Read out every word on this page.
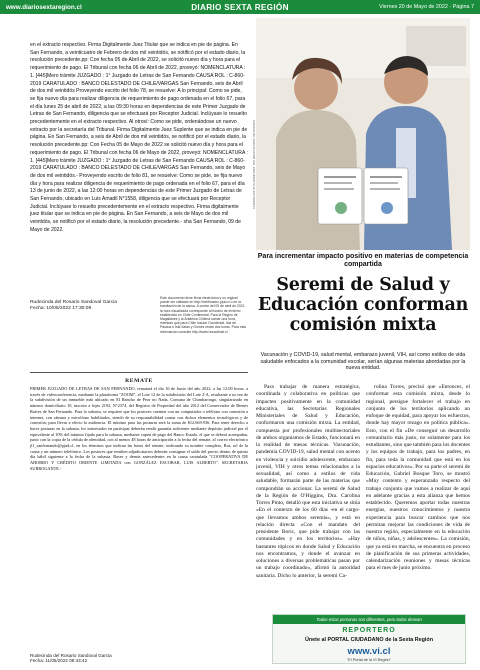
www.diariosextaregion.cl	DIARIO SEXTA REGIÓN	Viernes 20 de Mayo de 2022 - Página 7

en el extracto respectivo. Firma Digitalmente Juez Titular que se indica en pie de página. En San Fernando, a veinticuatro de Febrero de dos mil veintidós, se notificó por el estado diario, la resolución precedente.pp: Con fecha 05 de Abril de 2022, se solicitó nuevo día y hora para el requerimiento de pago. El Tribunal con fecha 06 de Abril de 2022, proveyó: NOMENCLATURA : 1. [445]Mero trámite JUZGADO : 1° Juzgado de Letras de San Fernando CAUSA ROL : C-860-2019 CARATULADO : BANCO DELESTADO DE CHILE/VARGAS San Fernando, seis de Abril de dos mil veintidós Proveyendo escrito del folio 78, se resuelve: A lo principal: Como se pide, se fija nuevo día para realizar diligencia de requerimiento de pago ordenada en el folio 67, para el día lunes 25 de abril de 2022, a las 09:30 horas en dependencias de este Primer Juzgado de Letras de San Fernando, diligencia que se efectuará por Receptor Judicial. Inclúyase lo resuelto precedentemente en el extracto respectivo. Al otrosí: Como se pide, ordenándose un nuevo extracto por la secretaría del Tribunal. Firma Digitalmente Juez Suplente que se indica en pie de página. En San Fernando, a seis de Abril de dos mil veintidós, se notificó por el estado diario, la resolución precedente.pp: Con Fecha 05 de Mayo de 2022 se solicitó nuevo día y hora para el requerimiento de pago. El Tribunal con fecha 06 de Mayo de 2022, proveyó: NOMENCLATURA : 1. [445]Mero trámite JUZGADO : 1° Juzgado de Letras de San Fernando CAUSA ROL : C-860-2019 CARATULADO : BANCO DELESTADO DE CHILE/VARGAS San Fernando, seis de Mayo de dos mil veintidós.- Proveyendo escrito de folio 81, se resuelve: Como se pide, se fija nuevo día y hora para realizar diligencia de requerimiento de pago ordenada en el folio 67, para el día 13 de junio de 2022, a las 12:00 horas en dependencias de este Primer Juzgado de Letras de San Fernando, ubicado en Luis Amadil N°1558, diligencia que se efectuará por Receptor Judicial. Inclúyase lo resuelto precedentemente en el extracto respectivo. Firma digitalmente juez titular que se indica en pie de página. En San Fernando, a seis de Mayo de dos mil veintidós, se notificó por el estado diario, la resolución precedente.- sha San Fernando, 09 de Mayo de 2022.

Rudecinda del Rosario Sandoval Garcia
Fecha: 10/05/2022 17:30:09
Este documento tiene firma electrónica y su original puede ser validado en http://verificadoc.pjud.cl o en la tramitación de la causa. A contar del 09 de abril de 2022, la hora visualizada corresponde al horario de invierno establecido en Chile Continental. Para la Región de Magallanes y la Antártica Chilena sumar una hora, mientras que para Chile Insular Occidental, Isla de Pascua e Isla Salas y Gómez restar dos horas. Para más información consulte http://www.horaoficial.cl
CODIGO DE VERIFICACION DEL DOCUMENTO ELECTRONICO
Para incrementar impacto positivo en materias de competencia compartida
Seremi de Salud y Educación conforman comisión mixta
Vacunación y COVID-19, salud mental, embarazo juvenil, VIH, así como estilos de vida saludable enfocados a la comunidad escolar, serían algunas materias abordadas por la nueva entidad.
REMATE

PRIMER JUZGADO DE LETRAS DE SAN FERNANDO, rematará el día 16 de Junio del año 2022, a las 12:00 horas, a través de videoconferencia, mediante la plataforma "ZOOM", el Lote 12 de la subdivisión del Lote 2-A, resultante a su vez de la subdivisión de un inmueble más ubicado en El Rancho de Peor no Nada, Comuna de Chimbarongo, singularizado en número domiciliario 10, inscrito a fojas 2192, N°2374, del Registro de Propiedad del año 2012 del Conservador de Bienes Raíces de San Fernando. Para la subasta, se requiere que los postores cuenten con un computador o teléfono con conexión a internet, con cámara y micrófono habilitados, siendo de su responsabilidad contar con dichos elementos tecnológicos y de conexión; para llevar a efecto la audiencia. El mínimo para las posturas será la suma de $12.669.936. Para tener derecho a hacer posturas en la subasta, los interesados en participar deberán rendir garantía suficiente mediante depósito judicial por el equivalente al 10% del mínimo fijado para la subasta, mediante cupón de pago del Banco Estado, el que se deberá acompañar, junto con la copia de la cédula de identidad, con al menos 48 horas de anticipación a la fecha del remate, al correo electrónico jl1_sanfernando@pjud.cl, en los términos que indican las bases del remate, indicando su nombre completo, Rut, rol de la causa y un número telefónico. Los postores que resulten adjudicatarios deberán consignar el saldo del precio dentro de quinto día hábil siguiente a la fecha de la subasta. Bases y demás antecedentes en la causa caratulada "COOPERATIVA DE AHORRO Y CRÉDITO ORIENTE LIMITADA con GONZÁLEZ ESCOBAR, LUIS ALBERTO". SECRETARIA SUBROGANTE.-

Rudecinda del Rosario Sandoval Garcia
Fecha: 11/05/2022 08:43:42

Para trabajar de manera estratégica, coordinada y colaborativa en políticas que impacten positivamente en la comunidad educativa, las Secretarías Regionales Ministeriales de Salud y Educación, conformaron una comisión mixta. La entidad, compuesta por profesionales multisectoriales de ambos organismos de Estado, funcionará en la realidad de mesas técnicas. Vacunación, pandemia COVID-19, salud mental con acento en violencia y suicidio adolescente, embarazo juvenil, VIH y otros temas relacionados a la sexualidad, así como a estilos de vida saludable, formarán parte de las materias que compondrán su accionar. La seremi de Salud de la Región de O'Higgins, Dra. Carolina Torres Pinto, detalló que esta iniciativa se sitúa «En el contexto de los 60 días -en el cargo- que llevamos ambos seremis», y está en relación directa «Con el mandato del presidente Boric, que pide trabajar con las comunidades y en los territorios». «Hay bastantes tópicos en donde Salud y Educación nos encontramos, y donde el avanzar en soluciones a diversas problemáticas pasan por un trabajo coordinado», afirmó la autoridad sanitaria. Dicho lo anterior, la seremi Ca-

rolina Torres, precisó que «Entonces, el conformar esta comisión mixta, desde lo regional, persigue fortalecer el trabajo en conjunto de los territorios aplicando un enfoque de equidad, para apoyar los esfuerzos, donde hay mayor rezago en política pública». Esto, con el fin «De conseguir un desarrollo comunitario más justo, no solamente para los estudiantes, sino que también para los docentes y los equipos de trabajo, para los padres, en fin, para toda la comunidad que está en los espacios educativos». Por su parte el seremi de Educación, Gabriel Bosque Toro, se mostró «Muy contento y esperanzado respecto del trabajo conjunto que vamos a realizar de aquí en adelante gracias a esta alianza que hemos establecido. Queremos aportar todas nuestras energías, nuestros conocimientos y nuestra experiencia para buscar caminos que nos permitan mejorar las condiciones de vida de nuestra región, especialmente en la educación de niños, niñas, y adolescentes». La comisión, que ya está en marcha, se encuentra en proceso de planificación de sus primeras actividades, calendarización reuniones y mesas técnicas para el mes de junio próximo.

Todas estas personas son diferentes, pero todas desean
REPORTERO
Únete al PORTAL CIUDADANO de la Sexta Región
www.vi.cl
"El Portal de la VI Región"
